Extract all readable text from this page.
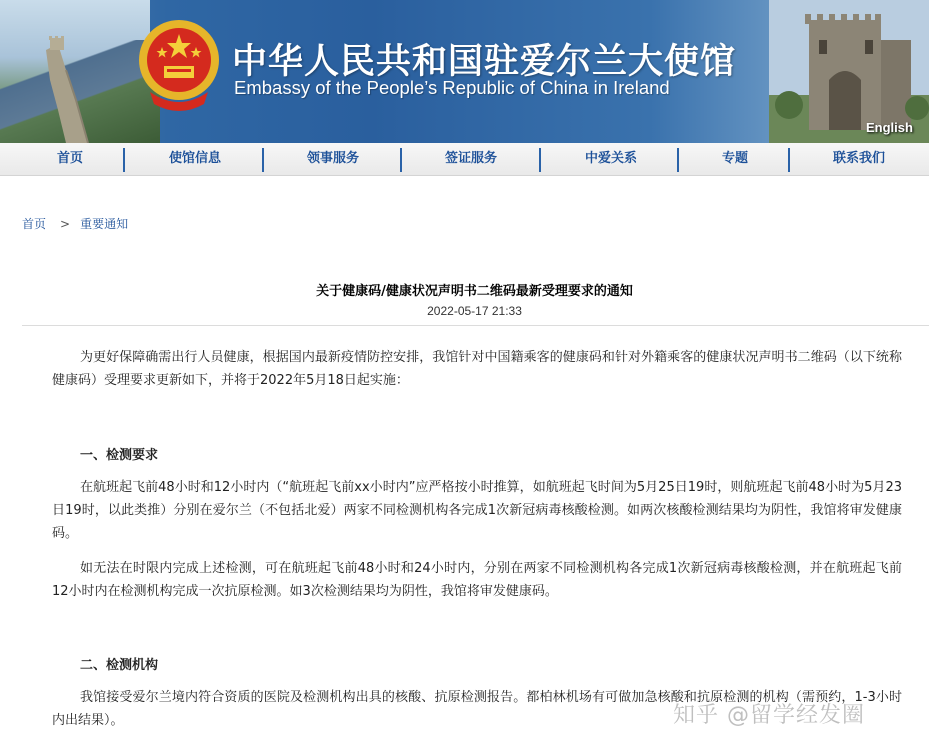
中华人民共和国驻爱尔兰大使馆
Embassy of the People’s Republic of China in Ireland
English
首页	使馆信息	领事服务	签证服务	中爱关系	专题	联系我们
首页 > 重要通知
关于健康码/健康状况声明书二维码最新受理要求的通知
2022-05-17 21:33
为更好保障确需出行人员健康，根据国内最新疫情防控安排，我馆针对中国籍乘客的健康码和针对外籍乘客的健康状况声明书二维码（以下统称健康码）受理要求更新如下，并将于2022年5月18日起实施：
一、检测要求
在航班起飞前48小时和12小时内（“航班起飞前xx小时内”应严格按小时推算，如航班起飞时间为5月25日19时，则航班起飞前48小时为5月23日19时，以此类推）分别在爱尔兰（不包括北爱）两家不同检测机构各完成1次新冠病毒核酸检测。如两次核酸检测结果均为阴性，我馆将审发健康码。
如无法在时限内完成上述检测，可在航班起飞前48小时和24小时内，分别在两家不同检测机构各完成1次新冠病毒核酸检测，并在航班起飞前12小时内在检测机构完成一次抗原检测。如3次检测结果均为阴性，我馆将审发健康码。
二、检测机构
我馆接受爱尔兰境内符合资质的医院及检测机构出具的核酸、抗原检测报告。都柏林机场有可做加急核酸和抗原检测的机构（需预约，1-3小时内出结果）。	知乎 @留学经发圈
